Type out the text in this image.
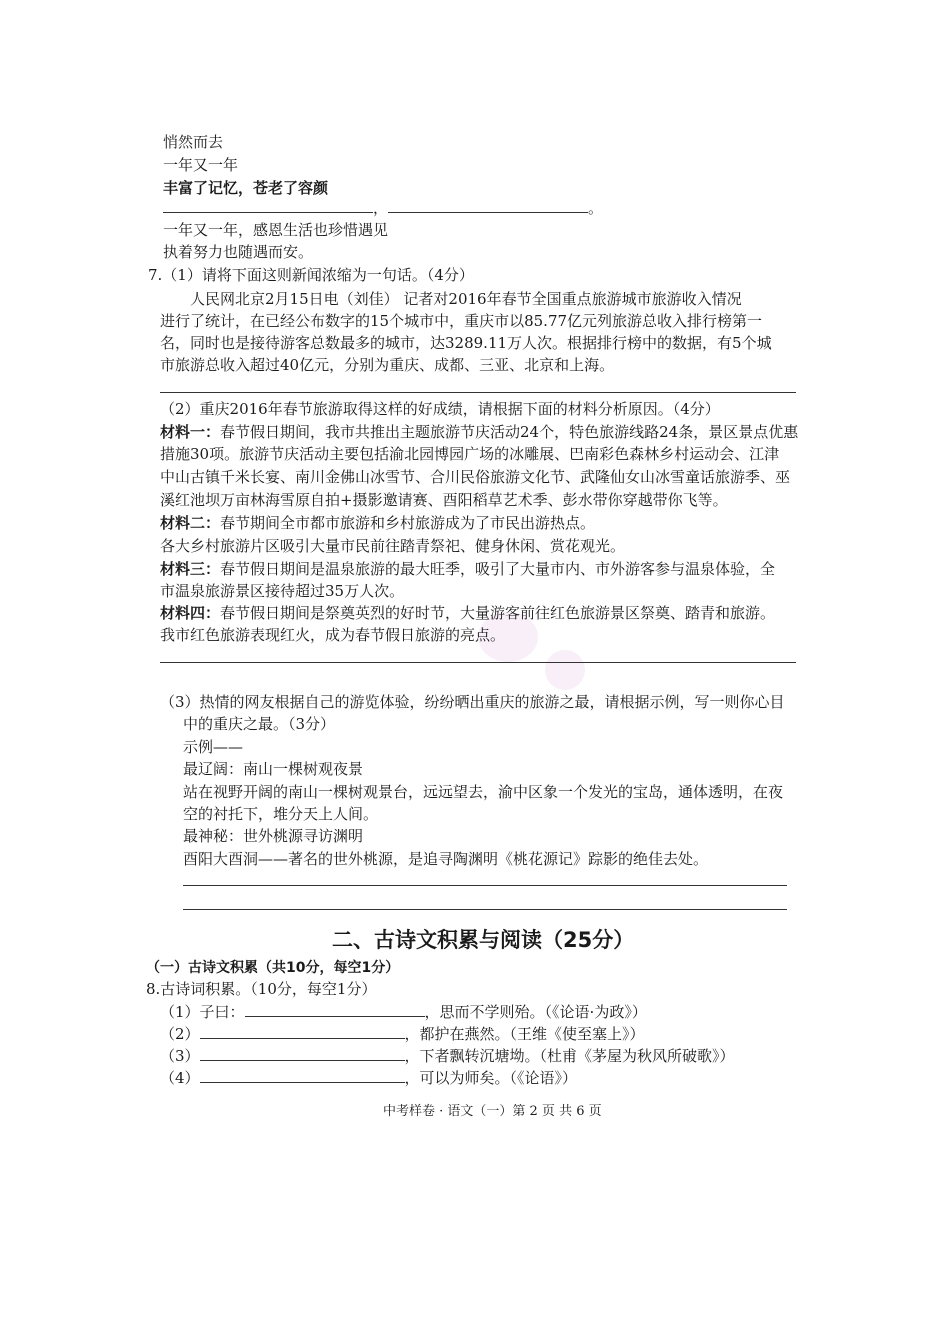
悄然而去
一年又一年
丰富了记忆，苍老了容颜
，	。
一年又一年，感恩生活也珍惜遇见
执着努力也随遇而安。
7.（1）请将下面这则新闻浓缩为一句话。（4分）
人民网北京2月15日电（刘佳） 记者对2016年春节全国重点旅游城市旅游收入情况
进行了统计，在已经公布数字的15个城市中，重庆市以85.77亿元列旅游总收入排行榜第一
名，同时也是接待游客总数最多的城市，达3289.11万人次。根据排行榜中的数据，有5个城
市旅游总收入超过40亿元，分别为重庆、成都、三亚、北京和上海。
（2）重庆2016年春节旅游取得这样的好成绩，请根据下面的材料分析原因。（4分）
材料一：春节假日期间，我市共推出主题旅游节庆活动24个，特色旅游线路24条，景区景点优惠
措施30项。旅游节庆活动主要包括渝北园博园广场的冰雕展、巴南彩色森林乡村运动会、江津
中山古镇千米长宴、南川金佛山冰雪节、合川民俗旅游文化节、武隆仙女山冰雪童话旅游季、巫
溪红池坝万亩林海雪原自拍+摄影邀请赛、酉阳稻草艺术季、彭水带你穿越带你飞等。
材料二：春节期间全市都市旅游和乡村旅游成为了市民出游热点。
各大乡村旅游片区吸引大量市民前往踏青祭祀、健身休闲、赏花观光。
材料三：春节假日期间是温泉旅游的最大旺季，吸引了大量市内、市外游客参与温泉体验，全
市温泉旅游景区接待超过35万人次。
材料四：春节假日期间是祭奠英烈的好时节，大量游客前往红色旅游景区祭奠、踏青和旅游。
我市红色旅游表现红火，成为春节假日旅游的亮点。
（3）热情的网友根据自己的游览体验，纷纷晒出重庆的旅游之最，请根据示例，写一则你心目
中的重庆之最。（3分）
示例——
最辽阔：南山一棵树观夜景
站在视野开阔的南山一棵树观景台，远远望去，渝中区象一个发光的宝岛，通体透明，在夜
空的衬托下，堆分天上人间。
最神秘：世外桃源寻访渊明
酉阳大酉洞——著名的世外桃源，是追寻陶渊明《桃花源记》踪影的绝佳去处。
二、古诗文积累与阅读（25分）
（一）古诗文积累（共10分，每空1分）
8.古诗词积累。（10分，每空1分）
（1）子曰：	，思而不学则殆。（《论语·为政》）
（2）	，都护在燕然。（王维《使至塞上》）
（3）	，下者飘转沉塘坳。（杜甫《茅屋为秋风所破歌》）
（4）	，可以为师矣。（《论语》）
中考样卷 · 语文（一）第 2 页 共 6 页
